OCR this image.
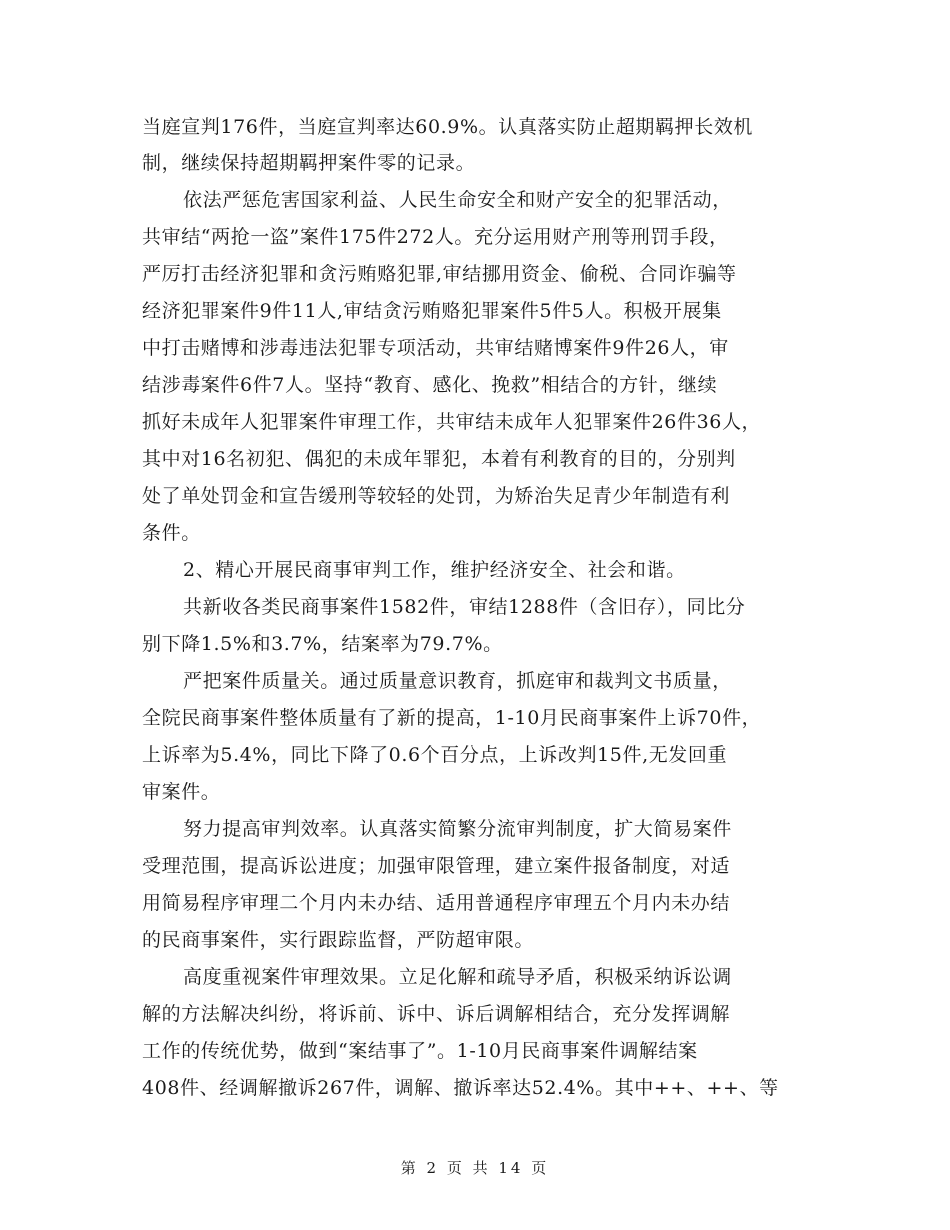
当庭宣判176件，当庭宣判率达60.9%。认真落实防止超期羁押长效机
制，继续保持超期羁押案件零的记录。
依法严惩危害国家利益、人民生命安全和财产安全的犯罪活动，
共审结“两抢一盗”案件175件272人。充分运用财产刑等刑罚手段，
严厉打击经济犯罪和贪污贿赂犯罪,审结挪用资金、偷税、合同诈骗等
经济犯罪案件9件11人,审结贪污贿赂犯罪案件5件5人。积极开展集
中打击赌博和涉毒违法犯罪专项活动，共审结赌博案件9件26人，审
结涉毒案件6件7人。坚持“教育、感化、挽救”相结合的方针，继续
抓好未成年人犯罪案件审理工作，共审结未成年人犯罪案件26件36人，
其中对16名初犯、偶犯的未成年罪犯，本着有利教育的目的，分别判
处了单处罚金和宣告缓刑等较轻的处罚，为矫治失足青少年制造有利
条件。
2、精心开展民商事审判工作，维护经济安全、社会和谐。
共新收各类民商事案件1582件，审结1288件（含旧存），同比分
别下降1.5%和3.7%，结案率为79.7%。
严把案件质量关。通过质量意识教育，抓庭审和裁判文书质量，
全院民商事案件整体质量有了新的提高，1-10月民商事案件上诉70件，
上诉率为5.4%，同比下降了0.6个百分点，上诉改判15件,无发回重
审案件。
努力提高审判效率。认真落实简繁分流审判制度，扩大简易案件
受理范围，提高诉讼进度；加强审限管理，建立案件报备制度，对适
用简易程序审理二个月内未办结、适用普通程序审理五个月内未办结
的民商事案件，实行跟踪监督，严防超审限。
高度重视案件审理效果。立足化解和疏导矛盾，积极采纳诉讼调
解的方法解决纠纷，将诉前、诉中、诉后调解相结合，充分发挥调解
工作的传统优势，做到“案结事了”。1-10月民商事案件调解结案
408件、经调解撤诉267件，调解、撤诉率达52.4%。其中++、++、等
第 2 页 共 14 页
